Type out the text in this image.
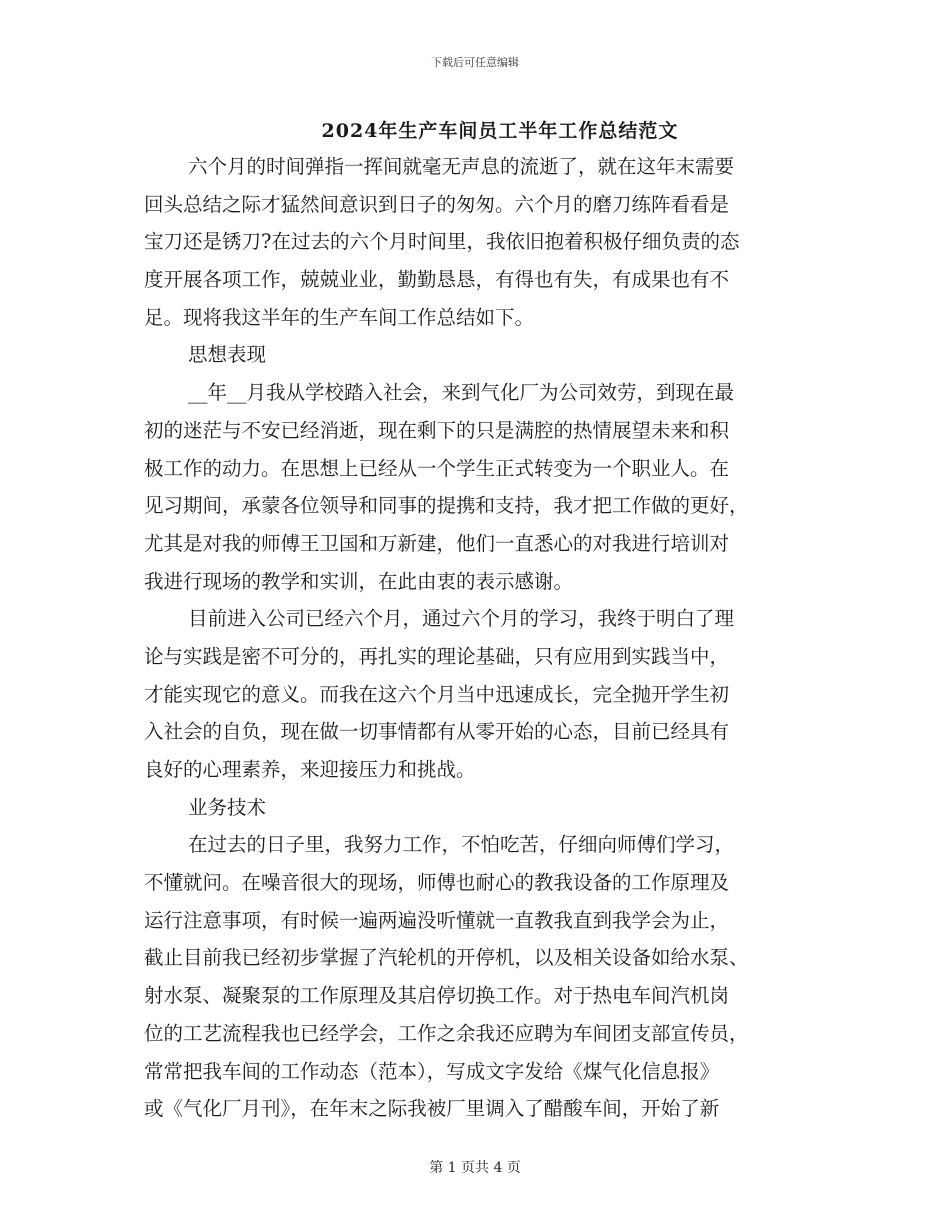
下载后可任意编辑
2024年生产车间员工半年工作总结范文
六个月的时间弹指一挥间就毫无声息的流逝了，就在这年末需要
回头总结之际才猛然间意识到日子的匆匆。六个月的磨刀练阵看看是
宝刀还是锈刀?在过去的六个月时间里，我依旧抱着积极仔细负责的态
度开展各项工作，兢兢业业，勤勤恳恳，有得也有失，有成果也有不
足。现将我这半年的生产车间工作总结如下。
思想表现
__年__月我从学校踏入社会，来到气化厂为公司效劳，到现在最
初的迷茫与不安已经消逝，现在剩下的只是满腔的热情展望未来和积
极工作的动力。在思想上已经从一个学生正式转变为一个职业人。在
见习期间，承蒙各位领导和同事的提携和支持，我才把工作做的更好，
尤其是对我的师傅王卫国和万新建，他们一直悉心的对我进行培训对
我进行现场的教学和实训，在此由衷的表示感谢。
目前进入公司已经六个月，通过六个月的学习，我终于明白了理
论与实践是密不可分的，再扎实的理论基础，只有应用到实践当中，
才能实现它的意义。而我在这六个月当中迅速成长，完全抛开学生初
入社会的自负，现在做一切事情都有从零开始的心态，目前已经具有
良好的心理素养，来迎接压力和挑战。
业务技术
在过去的日子里，我努力工作，不怕吃苦，仔细向师傅们学习，
不懂就问。在噪音很大的现场，师傅也耐心的教我设备的工作原理及
运行注意事项，有时候一遍两遍没听懂就一直教我直到我学会为止，
截止目前我已经初步掌握了汽轮机的开停机，以及相关设备如给水泵、
射水泵、凝聚泵的工作原理及其启停切换工作。对于热电车间汽机岗
位的工艺流程我也已经学会，工作之余我还应聘为车间团支部宣传员，
常常把我车间的工作动态（范本），写成文字发给《煤气化信息报》
或《气化厂月刊》，在年末之际我被厂里调入了醋酸车间，开始了新
第 1 页共 4 页
